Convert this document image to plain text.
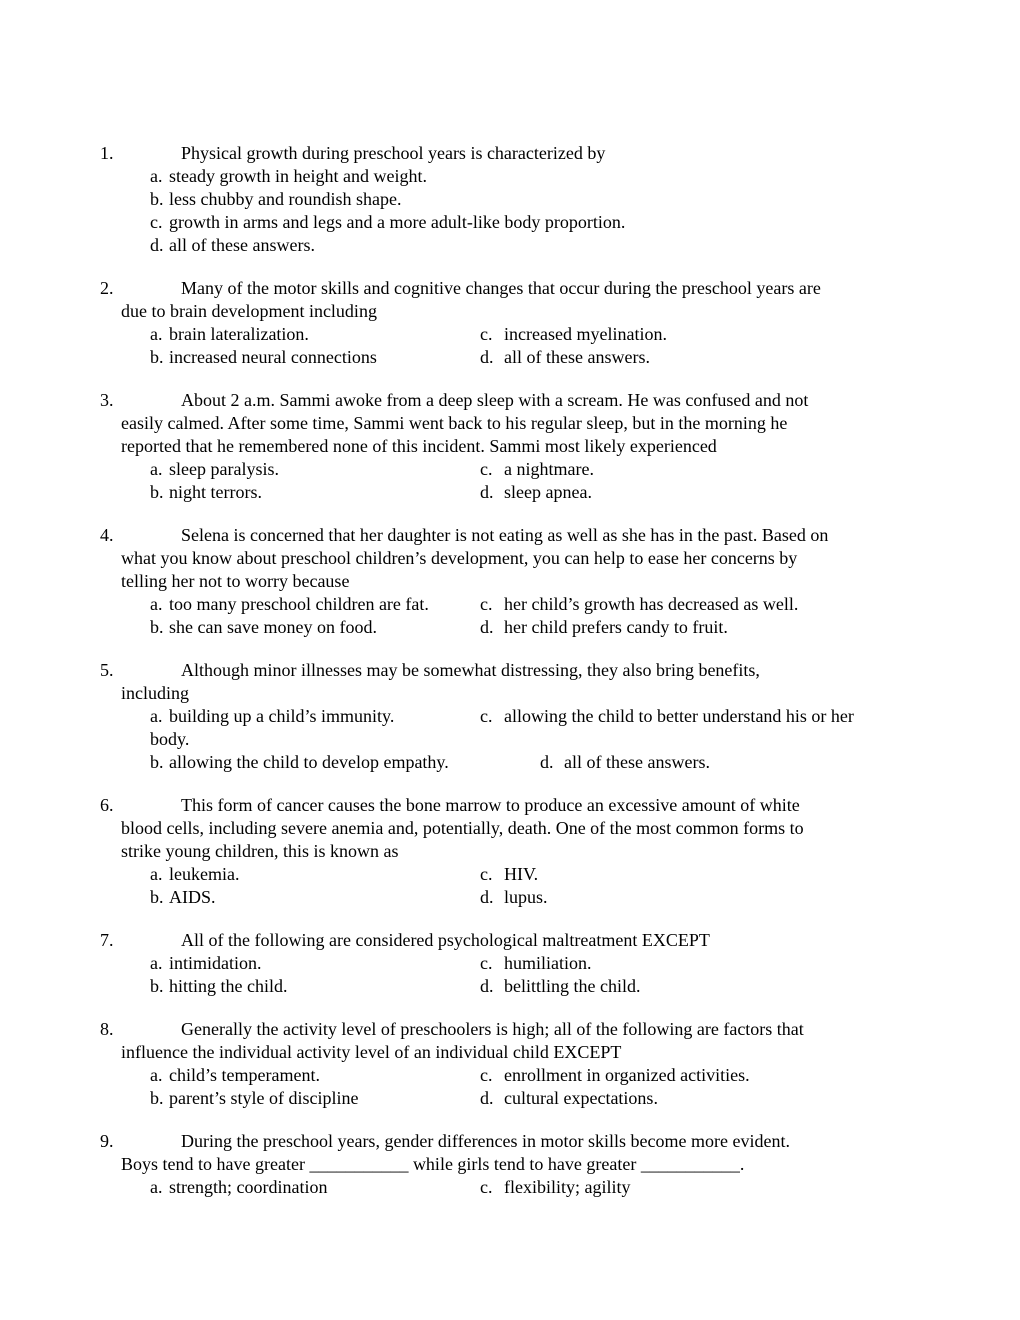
1.	Physical growth during preschool years is characterized by
a. steady growth in height and weight.
b. less chubby and roundish shape.
c. growth in arms and legs and a more adult-like body proportion.
d. all of these answers.
2.	Many of the motor skills and cognitive changes that occur during the preschool years are
due to brain development including
a. brain lateralization.	c. increased myelination.
b. increased neural connections	d. all of these answers.
3.	About 2 a.m. Sammi awoke from a deep sleep with a scream. He was confused and not
easily calmed. After some time, Sammi went back to his regular sleep, but in the morning he
reported that he remembered none of this incident. Sammi most likely experienced
a. sleep paralysis.	c. a nightmare.
b. night terrors.	d. sleep apnea.
4.	Selena is concerned that her daughter is not eating as well as she has in the past. Based on
what you know about preschool children’s development, you can help to ease her concerns by
telling her not to worry because
a. too many preschool children are fat.	c. her child’s growth has decreased as well.
b. she can save money on food.	d. her child prefers candy to fruit.
5.	Although minor illnesses may be somewhat distressing, they also bring benefits,
including
a. building up a child’s immunity.	c. allowing the child to better understand his or her
body.
b. allowing the child to develop empathy.	d. all of these answers.
6.	This form of cancer causes the bone marrow to produce an excessive amount of white
blood cells, including severe anemia and, potentially, death. One of the most common forms to
strike young children, this is known as
a. leukemia.	c. HIV.
b. AIDS.	d. lupus.
7.	All of the following are considered psychological maltreatment EXCEPT
a. intimidation.	c. humiliation.
b. hitting the child.	d. belittling the child.
8.	Generally the activity level of preschoolers is high; all of the following are factors that
influence the individual activity level of an individual child EXCEPT
a. child’s temperament.	c. enrollment in organized activities.
b. parent’s style of discipline	d. cultural expectations.
9.	During the preschool years, gender differences in motor skills become more evident.
Boys tend to have greater ___________ while girls tend to have greater ___________.
a. strength; coordination	c. flexibility; agility
